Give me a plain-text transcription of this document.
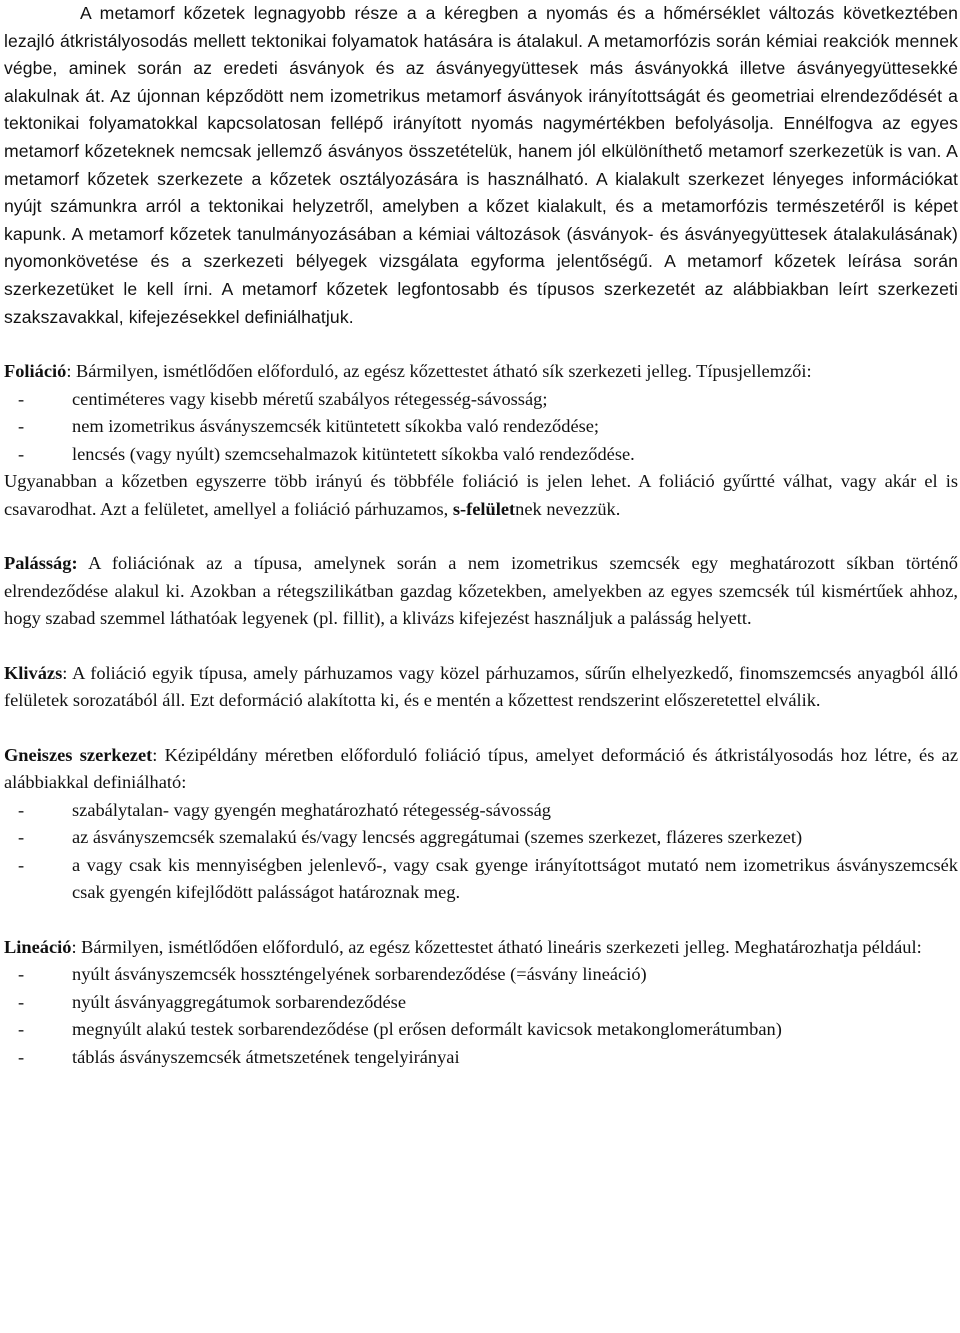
A metamorf kőzetek legnagyobb része a a kéregben a nyomás és a hőmérséklet változás következtében lezajló átkristályosodás mellett tektonikai folyamatok hatására is átalakul. A metamorfózis során kémiai reakciók mennek végbe, aminek során az eredeti ásványok és az ásványegyüttesek más ásványokká illetve ásványegyüttesekké alakulnak át. Az újonnan képződött nem izometrikus metamorf ásványok irányítottságát és geometriai elrendeződését a tektonikai folyamatokkal kapcsolatosan fellépő irányított nyomás nagymértékben befolyásolja. Ennélfogva az egyes metamorf kőzeteknek nemcsak jellemző ásványos összetételük, hanem jól elkülöníthető metamorf szerkezetük is van. A metamorf kőzetek szerkezete a kőzetek osztályozására is használható. A kialakult szerkezet lényeges információkat nyújt számunkra arról a tektonikai helyzetről, amelyben a kőzet kialakult, és a metamorfózis természetéről is képet kapunk. A metamorf kőzetek tanulmányozásában a kémiai változások (ásványok- és ásványegyüttesek átalakulásának) nyomonkövetése és a szerkezeti bélyegek vizsgálata egyforma jelentőségű. A metamorf kőzetek leírása során szerkezetüket le kell írni. A metamorf kőzetek legfontosabb és típusos szerkezetét az alábbiakban leírt szerkezeti szakszavakkal, kifejezésekkel definiálhatjuk.

Foliáció: Bármilyen, ismétlődően előforduló, az egész kőzettestet átható sík szerkezeti jelleg. Típusjellemzői:
-	centiméteres vagy kisebb méretű szabályos rétegesség-sávosság;
-	nem izometrikus ásványszemcsék kitüntetett síkokba való rendeződése;
-	lencsés (vagy nyúlt) szemcsehalmazok kitüntetett síkokba való rendeződése.
Ugyanabban a kőzetben egyszerre több irányú és többféle foliáció is jelen lehet. A foliáció gyűrtté válhat, vagy akár el is csavarodhat. Azt a felületet, amellyel a foliáció párhuzamos, s-felületnek nevezzük.
Palásság: A foliációnak az a típusa, amelynek során a nem izometrikus szemcsék egy meghatározott síkban történő elrendeződése alakul ki. Azokban a rétegszilikátban gazdag kőzetekben, amelyekben az egyes szemcsék túl kismértűek ahhoz, hogy szabad szemmel láthatóak legyenek (pl. fillit), a klivázs kifejezést használjuk a palásság helyett.
Klivázs: A foliáció egyik típusa, amely párhuzamos vagy közel párhuzamos, sűrűn elhelyezkedő, finomszemcsés anyagból álló felületek sorozatából áll. Ezt deformáció alakította ki, és e mentén a kőzettest rendszerint előszeretettel elválik.
Gneiszes szerkezet: Kézipéldány méretben előforduló foliáció típus, amelyet deformáció és átkristályosodás hoz létre, és az alábbiakkal definiálható:
-	szabálytalan- vagy gyengén meghatározható rétegesség-sávosság
-	az ásványszemcsék szemalakú és/vagy lencsés aggregátumai (szemes szerkezet, flázeres szerkezet)
-	a vagy csak kis mennyiségben jelenlevő-, vagy csak gyenge irányítottságot mutató nem izometrikus ásványszemcsék csak gyengén kifejlődött palásságot határoznak meg.
Lineáció: Bármilyen, ismétlődően előforduló, az egész kőzettestet átható lineáris szerkezeti jelleg. Meghatározhatja például:
-	nyúlt ásványszemcsék hosszténgelyének sorbarendeződése (=ásvány lineáció)
-	nyúlt ásványaggregátumok sorbarendeződése
-	megnyúlt alakú testek sorbarendeződése (pl erősen deformált kavicsok metakonglomerátumban)
-	táblás ásványszemcsék átmetszetének tengelyirányai
